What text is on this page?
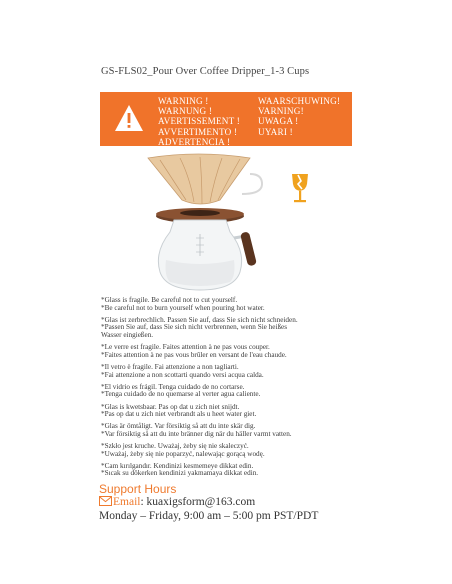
GS-FLS02_Pour Over Coffee Dripper_1-3 Cups
WARNING !
WARNUNG !
AVERTISSEMENT !
AVVERTIMENTO !
ADVERTENCIA !
WAARSCHUWING!
VARNING!
UWAGA !
UYARI !
*Glass is fragile. Be careful not to cut yourself.
*Be careful not to burn yourself when pouring hot water.
*Glas ist zerbrechlich. Passen Sie auf, dass Sie sich nicht schneiden.
*Passen Sie auf, dass Sie sich nicht verbrennen, wenn Sie heißes
Wasser eingießen.
*Le verre est fragile. Faites attention à ne pas vous couper.
*Faites attention à ne pas vous brûler en versant de l'eau chaude.
*Il vetro è fragile. Fai attenzione a non tagliarti.
*Fai attenzione a non scottarti quando versi acqua calda.
*El vidrio es frágil. Tenga cuidado de no cortarse.
*Tenga cuidado de no quemarse al verter agua caliente.
*Glas is kwetsbaar. Pas op dat u zich niet snijdt.
*Pas op dat u zich niet verbrandt als u heet water giet.
*Glas är ömtåligt. Var försiktig så att du inte skär dig.
*Var försiktig så att du inte bränner dig när du häller varmt vatten.
*Szkło jest kruche. Uważaj, żeby się nie skaleczyć.
*Uważaj, żeby się nie poparzyć, nalewając gorącą wodę.
*Cam kırılgandır. Kendinizi kesmemeye dikkat edin.
*Sıcak su dökerken kendinizi yakmamaya dikkat edin.
Support Hours
Email: kuaxigsform@163.com
Monday – Friday, 9:00 am – 5:00 pm PST/PDT
